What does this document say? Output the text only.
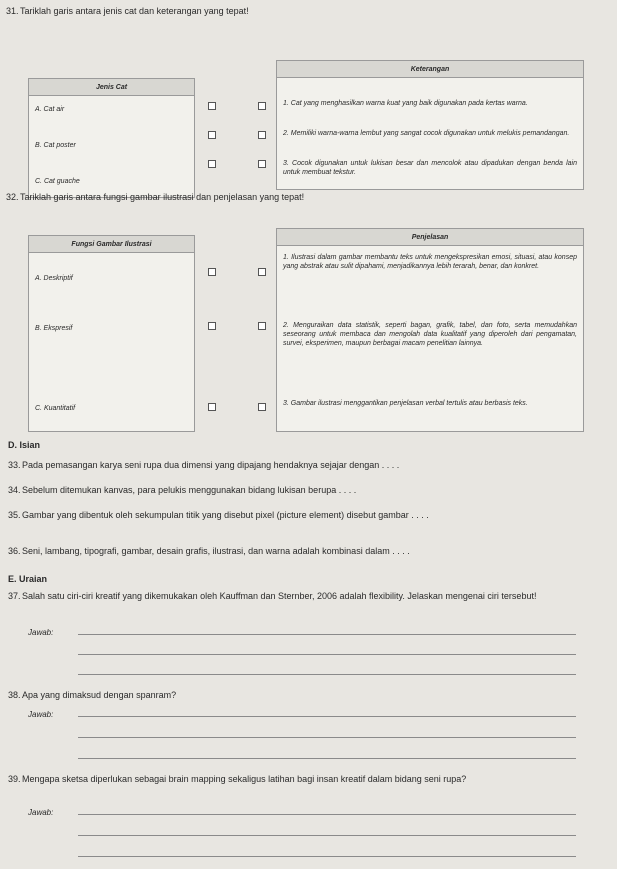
31.Tariklah garis antara jenis cat dan keterangan yang tepat!
Jenis Cat
A. Cat air
B. Cat poster
C. Cat guache
Keterangan
1. Cat yang menghasilkan warna kuat yang baik digunakan pada kertas warna.
2. Memiliki warna-warna lembut yang sangat cocok digunakan untuk melukis pemandangan.
3. Cocok digunakan untuk lukisan besar dan mencolok atau dipadukan dengan benda lain untuk membuat tekstur.
32.Tariklah garis antara fungsi gambar ilustrasi dan penjelasan yang tepat!
Fungsi Gambar Ilustrasi
A. Deskriptif
B. Ekspresif
C. Kuantitatif
Penjelasan
1. Ilustrasi dalam gambar membantu teks untuk mengekspresikan emosi, situasi, atau konsep yang abstrak atau sulit dipahami, menjadikannya lebih terarah, benar, dan konkret.
2. Menguraikan data statistik, seperti bagan, grafik, tabel, dan foto, serta memudahkan seseorang untuk membaca dan mengolah data kualitatif yang diperoleh dari pengamatan, survei, eksperimen, maupun berbagai macam penelitian lainnya.
3. Gambar ilustrasi menggantikan penjelasan verbal tertulis atau berbasis teks.
D. Isian
33.Pada pemasangan karya seni rupa dua dimensi yang dipajang hendaknya sejajar dengan . . . .
34.Sebelum ditemukan kanvas, para pelukis menggunakan bidang lukisan berupa . . . .
35.Gambar yang dibentuk oleh sekumpulan titik yang disebut pixel (picture element) disebut gambar . . . .
36.Seni, lambang, tipografi, gambar, desain grafis, ilustrasi, dan warna adalah kombinasi dalam . . . .
E. Uraian
37.Salah satu ciri-ciri kreatif yang dikemukakan oleh Kauffman dan Sternber, 2006 adalah flexibility. Jelaskan mengenai ciri tersebut!
Jawab:
38.Apa yang dimaksud dengan spanram?
Jawab:
39.Mengapa sketsa diperlukan sebagai brain mapping sekaligus latihan bagi insan kreatif dalam bidang seni rupa?
Jawab:
